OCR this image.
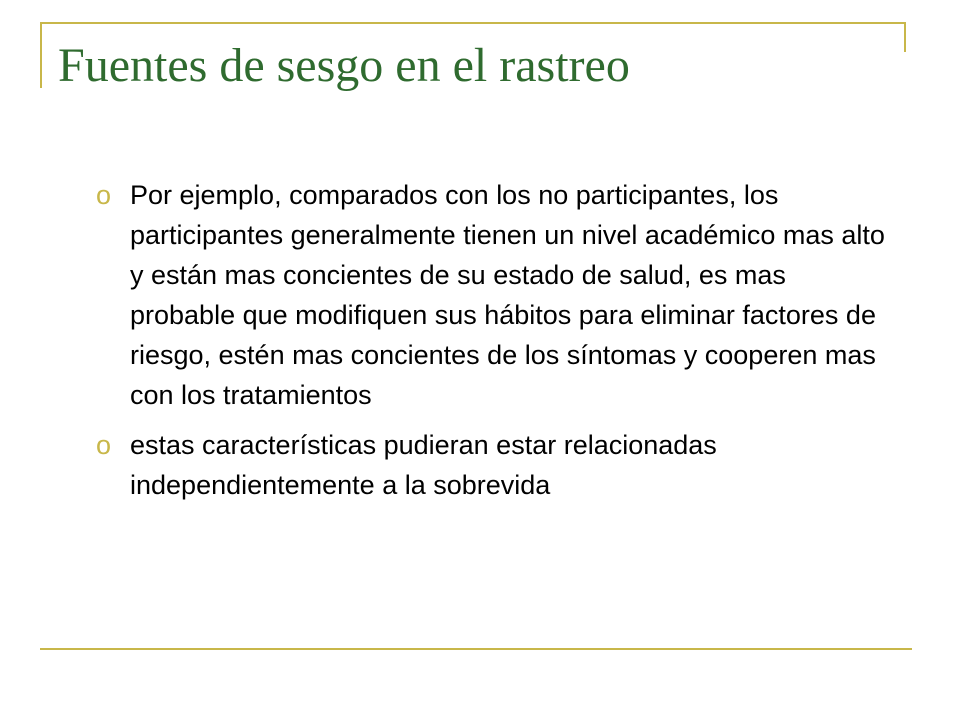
Fuentes de sesgo en el rastreo
o Por ejemplo, comparados con los no participantes, los participantes generalmente tienen un nivel académico mas alto y están mas concientes de su estado de salud, es mas probable que modifiquen sus hábitos para eliminar factores de riesgo, estén mas concientes de los síntomas y cooperen mas con los tratamientos
o estas características pudieran estar relacionadas independientemente a la sobrevida
